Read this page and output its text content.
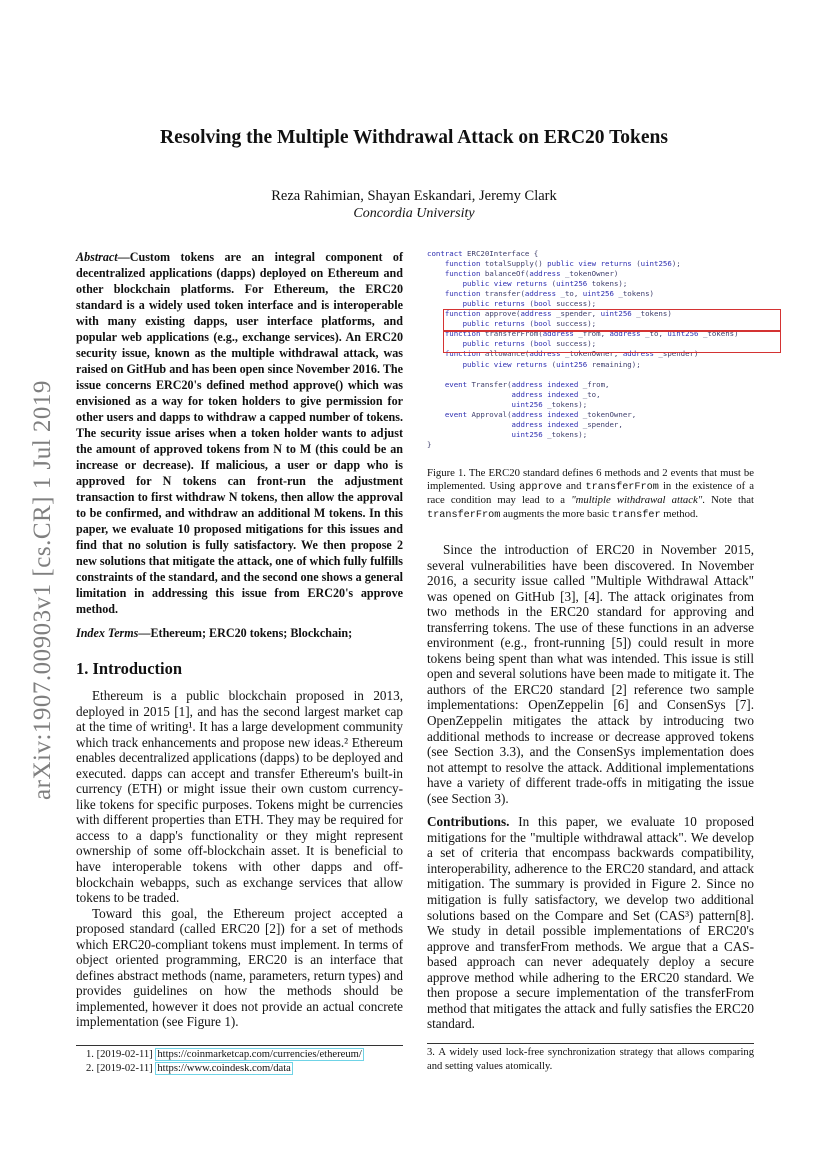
arXiv:1907.00903v1 [cs.CR] 1 Jul 2019
Resolving the Multiple Withdrawal Attack on ERC20 Tokens
Reza Rahimian, Shayan Eskandari, Jeremy Clark
Concordia University
Abstract—Custom tokens are an integral component of decentralized applications (dapps) deployed on Ethereum and other blockchain platforms. For Ethereum, the ERC20 standard is a widely used token interface and is interoperable with many existing dapps, user interface platforms, and popular web applications (e.g., exchange services). An ERC20 security issue, known as the multiple withdrawal attack, was raised on GitHub and has been open since November 2016. The issue concerns ERC20's defined method approve() which was envisioned as a way for token holders to give permission for other users and dapps to withdraw a capped number of tokens. The security issue arises when a token holder wants to adjust the amount of approved tokens from N to M (this could be an increase or decrease). If malicious, a user or dapp who is approved for N tokens can front-run the adjustment transaction to first withdraw N tokens, then allow the approval to be confirmed, and withdraw an additional M tokens. In this paper, we evaluate 10 proposed mitigations for this issues and find that no solution is fully satisfactory. We then propose 2 new solutions that mitigate the attack, one of which fully fulfills constraints of the standard, and the second one shows a general limitation in addressing this issue from ERC20's approve method.
Index Terms—Ethereum; ERC20 tokens; Blockchain;
1. Introduction

Ethereum is a public blockchain proposed in 2013, deployed in 2015 [1], and has the second largest market cap at the time of writing¹. It has a large development community which track enhancements and propose new ideas.² Ethereum enables decentralized applications (dapps) to be deployed and executed. dapps can accept and transfer Ethereum's built-in currency (ETH) or might issue their own custom currency-like tokens for specific purposes. Tokens might be currencies with different properties than ETH. They may be required for access to a dapp's functionality or they might represent ownership of some off-blockchain asset. It is beneficial to have interoperable tokens with other dapps and off-blockchain webapps, such as exchange services that allow tokens to be traded.

Toward this goal, the Ethereum project accepted a proposed standard (called ERC20 [2]) for a set of methods which ERC20-compliant tokens must implement. In terms of object oriented programming, ERC20 is an interface that defines abstract methods (name, parameters, return types) and provides guidelines on how the methods should be implemented, however it does not provide an actual concrete implementation (see Figure 1).

1. [2019-02-11] https://coinmarketcap.com/currencies/ethereum/
2. [2019-02-11] https://www.coindesk.com/data
contract ERC20Interface {
function totalSupply() public view returns (uint256);
function balanceOf(address _tokenOwner)
public view returns (uint256 tokens);
function transfer(address _to, uint256 _tokens)
public returns (bool success);
function approve(address _spender, uint256 _tokens)
public returns (bool success);
function transferFrom(address _from, address _to, uint256 _tokens)
public returns (bool success);
function allowance(address _tokenOwner, address _spender)
public view returns (uint256 remaining);
event Transfer(address indexed _from,
address indexed _to,
uint256 _tokens);
event Approval(address indexed _tokenOwner,
address indexed _spender,
uint256 _tokens);
}
Figure 1. The ERC20 standard defines 6 methods and 2 events that must be implemented. Using approve and transferFrom in the existence of a race condition may lead to a "multiple withdrawal attack". Note that transferFrom augments the more basic transfer method.

Since the introduction of ERC20 in November 2015, several vulnerabilities have been discovered. In November 2016, a security issue called "Multiple Withdrawal Attack" was opened on GitHub [3], [4]. The attack originates from two methods in the ERC20 standard for approving and transferring tokens. The use of these functions in an adverse environment (e.g., front-running [5]) could result in more tokens being spent than what was intended. This issue is still open and several solutions have been made to mitigate it. The authors of the ERC20 standard [2] reference two sample implementations: OpenZeppelin [6] and ConsenSys [7]. OpenZeppelin mitigates the attack by introducing two additional methods to increase or decrease approved tokens (see Section 3.3), and the ConsenSys implementation does not attempt to resolve the attack. Additional implementations have a variety of different trade-offs in mitigating the issue (see Section 3).

Contributions. In this paper, we evaluate 10 proposed mitigations for the "multiple withdrawal attack". We develop a set of criteria that encompass backwards compatibility, interoperability, adherence to the ERC20 standard, and attack mitigation. The summary is provided in Figure 2. Since no mitigation is fully satisfactory, we develop two additional solutions based on the Compare and Set (CAS³) pattern[8]. We study in detail possible implementations of ERC20's approve and transferFrom methods. We argue that a CAS-based approach can never adequately deploy a secure approve method while adhering to the ERC20 standard. We then propose a secure implementation of the transferFrom method that mitigates the attack and fully satisfies the ERC20 standard.

3. A widely used lock-free synchronization strategy that allows comparing and setting values atomically.
